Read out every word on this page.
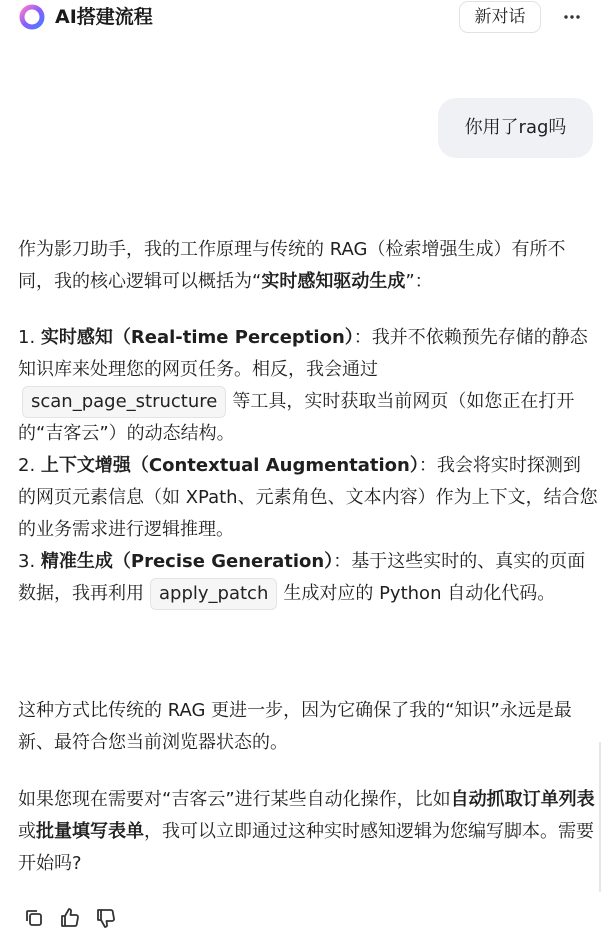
AI搭建流程	新对话
你用了rag吗

作为影刀助手，我的工作原理与传统的 RAG（检索增强生成）有所不同，我的核心逻辑可以概括为“实时感知驱动生成”：

1. 实时感知（Real-time Perception）：我并不依赖预先存储的静态知识库来处理您的网页任务。相反，我会通过
scan_page_structure 等工具，实时获取当前网页（如您正在打开的“吉客云”）的动态结构。

2. 上下文增强（Contextual Augmentation）：我会将实时探测到的网页元素信息（如 XPath、元素角色、文本内容）作为上下文，结合您的业务需求进行逻辑推理。

3. 精准生成（Precise Generation）：基于这些实时的、真实的页面数据，我再利用 apply_patch 生成对应的 Python 自动化代码。

这种方式比传统的 RAG 更进一步，因为它确保了我的“知识”永远是最新、最符合您当前浏览器状态的。

如果您现在需要对“吉客云”进行某些自动化操作，比如自动抓取订单列表或批量填写表单，我可以立即通过这种实时感知逻辑为您编写脚本。需要开始吗?
